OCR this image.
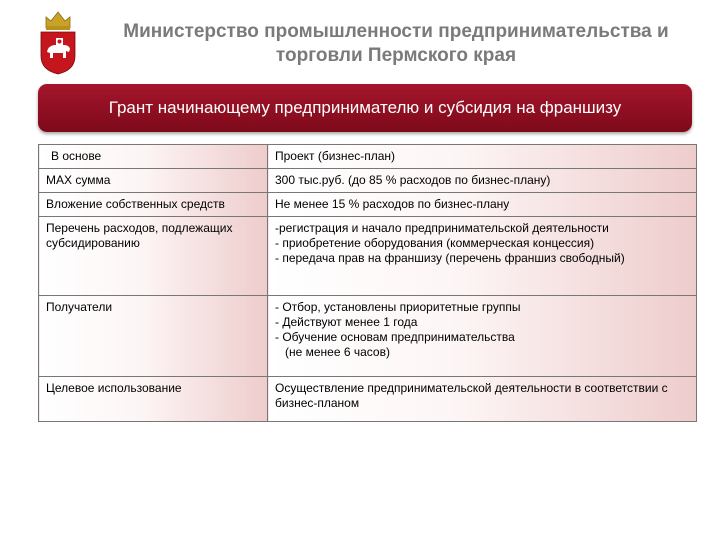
Министерство промышленности предпринимательства и
торговли Пермского края
Грант начинающему предпринимателю и субсидия на франшизу
В основе	Проект (бизнес-план)

MAX сумма	300 тыс.руб. (до 85 % расходов по бизнес-плану)

Вложение собственных средств	Не менее 15 % расходов по бизнес-плану

Перечень расходов, подлежащих субсидированию	-регистрация и начало предпринимательской деятельности
- приобретение оборудования (коммерческая концессия)
- передача прав на франшизу (перечень франшиз свободный)

Получатели	- Отбор, установлены приоритетные группы
- Действуют менее 1 года
- Обучение основам предпринимательства
(не менее 6 часов)

Целевое использование	Осуществление предпринимательской деятельности в соответствии с бизнес-планом
